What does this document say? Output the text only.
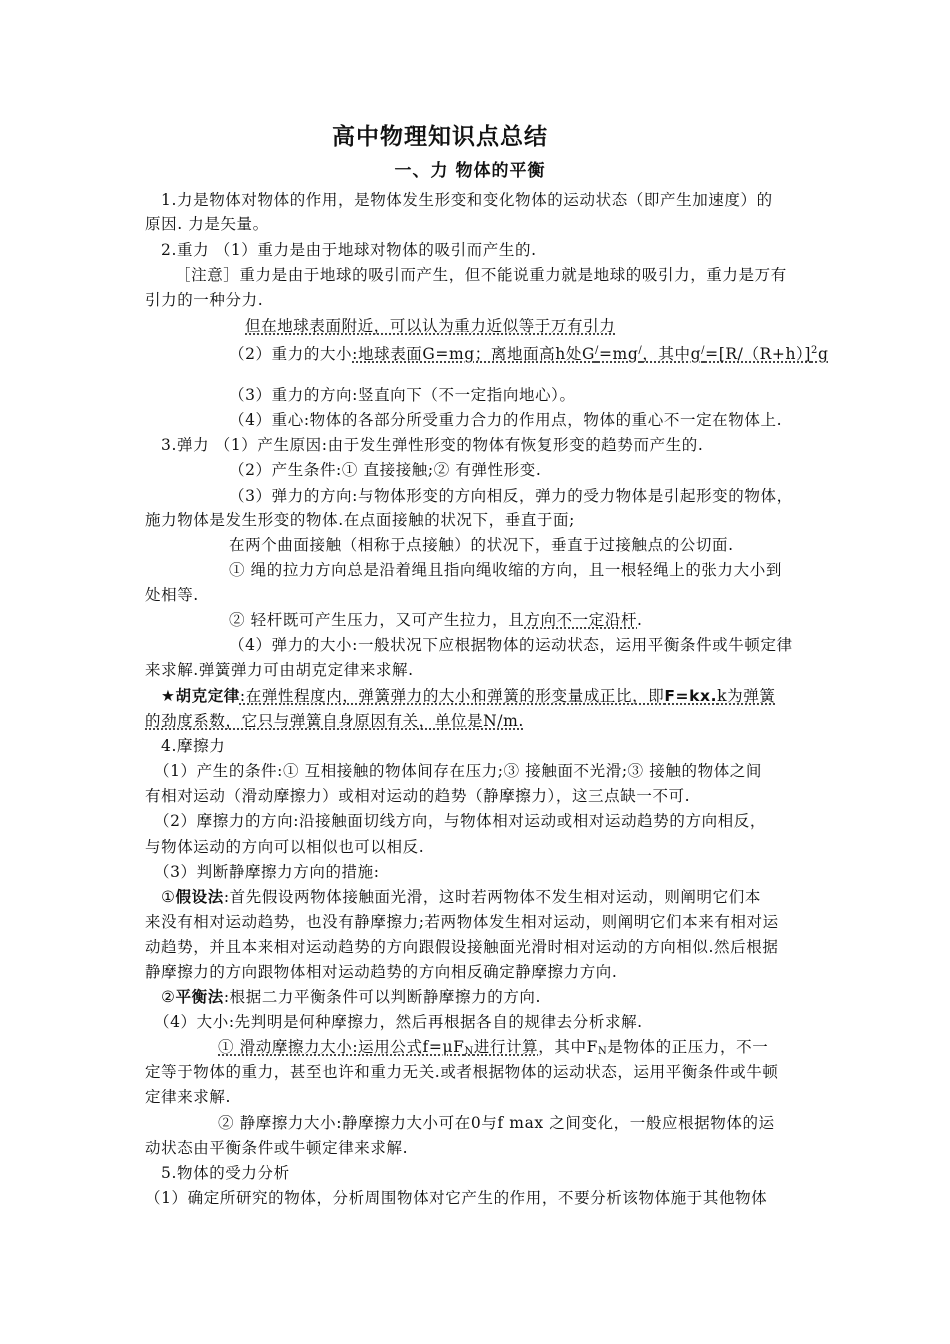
高中物理知识点总结
一、力 物体的平衡
1.力是物体对物体的作用，是物体发生形变和变化物体的运动状态（即产生加速度）的
原因. 力是矢量。
2.重力 （1）重力是由于地球对物体的吸引而产生的.
［注意］重力是由于地球的吸引而产生，但不能说重力就是地球的吸引力，重力是万有
引力的一种分力.
但在地球表面附近，可以认为重力近似等于万有引力
（2）重力的大小:地球表面G=mg；离地面高h处G/=mg/，其中$g^/=[R/(R+h)]^2g$
（3）重力的方向:竖直向下（不一定指向地心）。
（4）重心:物体的各部分所受重力合力的作用点，物体的重心不一定在物体上.
3.弹力 （1）产生原因:由于发生弹性形变的物体有恢复形变的趋势而产生的.
（2）产生条件:① 直接接触;② 有弹性形变.
（3）弹力的方向:与物体形变的方向相反，弹力的受力物体是引起形变的物体，
施力物体是发生形变的物体.在点面接触的状况下，垂直于面;
在两个曲面接触（相称于点接触）的状况下，垂直于过接触点的公切面.
① 绳的拉力方向总是沿着绳且指向绳收缩的方向，且一根轻绳上的张力大小到
处相等.
② 轻杆既可产生压力，又可产生拉力，且方向不一定沿杆.
（4）弹力的大小:一般状况下应根据物体的运动状态，运用平衡条件或牛顿定律
来求解.弹簧弹力可由胡克定律来求解.
★胡克定律:在弹性程度内，弹簧弹力的大小和弹簧的形变量成正比，即F=kx.k为弹簧
的劲度系数，它只与弹簧自身原因有关，单位是N/m.
4.摩擦力
（1）产生的条件:① 互相接触的物体间存在压力;③ 接触面不光滑;③ 接触的物体之间
有相对运动（滑动摩擦力）或相对运动的趋势（静摩擦力），这三点缺一不可.
（2）摩擦力的方向:沿接触面切线方向，与物体相对运动或相对运动趋势的方向相反，
与物体运动的方向可以相似也可以相反.
（3）判断静摩擦力方向的措施:
①假设法:首先假设两物体接触面光滑，这时若两物体不发生相对运动，则阐明它们本
来没有相对运动趋势，也没有静摩擦力;若两物体发生相对运动，则阐明它们本来有相对运
动趋势，并且本来相对运动趋势的方向跟假设接触面光滑时相对运动的方向相似.然后根据
静摩擦力的方向跟物体相对运动趋势的方向相反确定静摩擦力方向.
②平衡法:根据二力平衡条件可以判断静摩擦力的方向.
（4）大小:先判明是何种摩擦力，然后再根据各自的规律去分析求解.
① 滑动摩擦力大小:运用公式$f=\mu F_N$进行计算，其中$F_N$是物体的正压力，不一
定等于物体的重力，甚至也许和重力无关.或者根据物体的运动状态，运用平衡条件或牛顿
定律来求解.
② 静摩擦力大小:静摩擦力大小可在0与f max 之间变化，一般应根据物体的运
动状态由平衡条件或牛顿定律来求解.
5.物体的受力分析
（1）确定所研究的物体，分析周围物体对它产生的作用，不要分析该物体施于其他物体
